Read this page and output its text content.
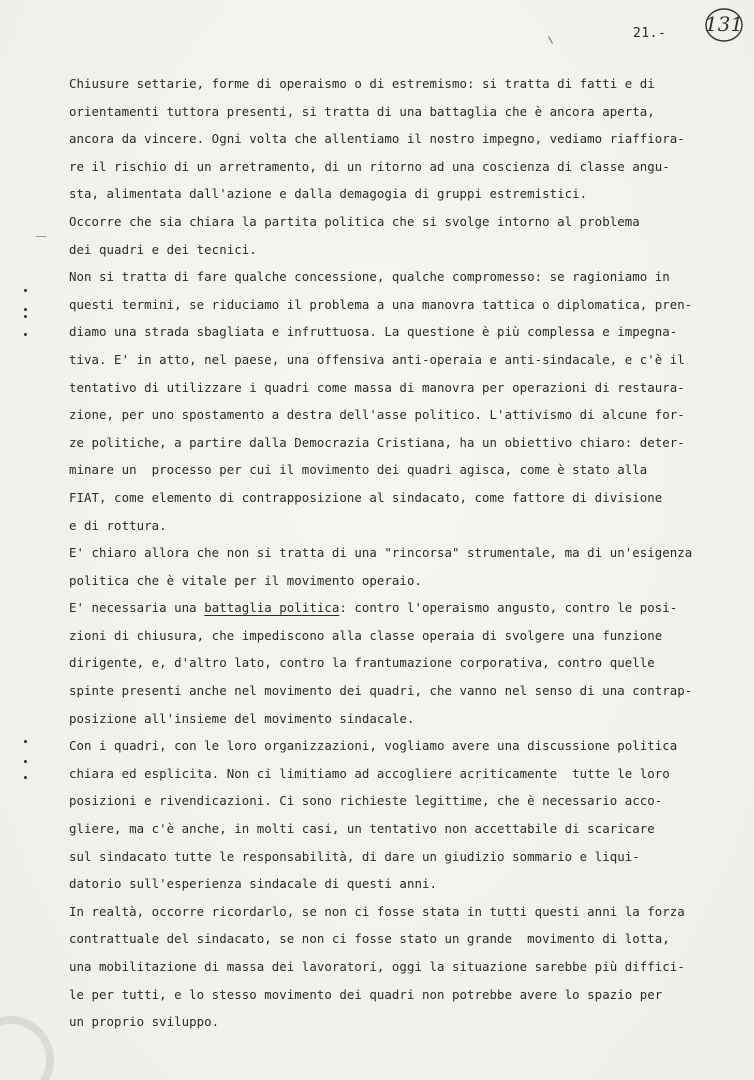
21.- 131
Chiusure settarie, forme di operaismo o di estremismo: si tratta di fatti e di
orientamenti tuttora presenti, si tratta di una battaglia che è ancora aperta,
ancora da vincere. Ogni volta che allentiamo il nostro impegno, vediamo riaffiora-
re il rischio di un arretramento, di un ritorno ad una coscienza di classe angu-
sta, alimentata dall'azione e dalla demagogia di gruppi estremistici.
Occorre che sia chiara la partita politica che si svolge intorno al problema
dei quadri e dei tecnici.
Non si tratta di fare qualche concessione, qualche compromesso: se ragioniamo in
questi termini, se riduciamo il problema a una manovra tattica o diplomatica, pren-
diamo una strada sbagliata e infruttuosa. La questione è più complessa e impegna-
tiva. E' in atto, nel paese, una offensiva anti-operaia e anti-sindacale, e c'è il
tentativo di utilizzare i quadri come massa di manovra per operazioni di restaura-
zione, per uno spostamento a destra dell'asse politico. L'attivismo di alcune for-
ze politiche, a partire dalla Democrazia Cristiana, ha un obiettivo chiaro: deter-
minare un  processo per cui il movimento dei quadri agisca, come è stato alla
FIAT, come elemento di contrapposizione al sindacato, come fattore di divisione
e di rottura.
E' chiaro allora che non si tratta di una "rincorsa" strumentale, ma di un'esigenza
politica che è vitale per il movimento operaio.
E' necessaria una battaglia politica: contro l'operaismo angusto, contro le posi-
zioni di chiusura, che impediscono alla classe operaia di svolgere una funzione
dirigente, e, d'altro lato, contro la frantumazione corporativa, contro quelle
spinte presenti anche nel movimento dei quadri, che vanno nel senso di una contrap-
posizione all'insieme del movimento sindacale.
Con i quadri, con le loro organizzazioni, vogliamo avere una discussione politica
chiara ed esplicita. Non ci limitiamo ad accogliere acriticamente  tutte le loro
posizioni e rivendicazioni. Ci sono richieste legittime, che è necessario acco-
gliere, ma c'è anche, in molti casi, un tentativo non accettabile di scaricare
sul sindacato tutte le responsabilità, di dare un giudizio sommario e liqui-
datorio sull'esperienza sindacale di questi anni.
In realtà, occorre ricordarlo, se non ci fosse stata in tutti questi anni la forza
contrattuale del sindacato, se non ci fosse stato un grande  movimento di lotta,
una mobilitazione di massa dei lavoratori, oggi la situazione sarebbe più diffici-
le per tutti, e lo stesso movimento dei quadri non potrebbe avere lo spazio per
un proprio sviluppo.
